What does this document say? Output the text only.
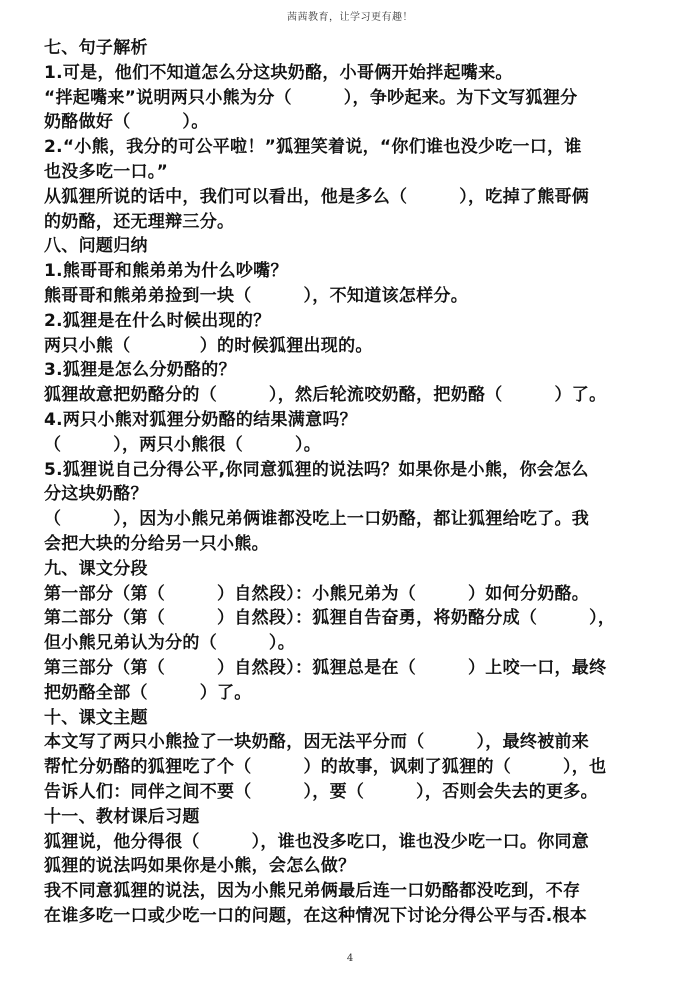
茜茜教育，让学习更有趣！
七、句子解析
1.可是，他们不知道怎么分这块奶酪，小哥俩开始拌起嘴来。
“拌起嘴来”说明两只小熊为分（　　　），争吵起来。为下文写狐狸分
奶酪做好（　　　）。
2.“小熊，我分的可公平啦！”狐狸笑着说，“你们谁也没少吃一口，谁
也没多吃一口。”
从狐狸所说的话中，我们可以看出，他是多么（　　　），吃掉了熊哥俩
的奶酪，还无理辩三分。
八、问题归纳
1.熊哥哥和熊弟弟为什么吵嘴？
熊哥哥和熊弟弟捡到一块（　　　），不知道该怎样分。
2.狐狸是在什么时候出现的？
两只小熊（　　　　）的时候狐狸出现的。
3.狐狸是怎么分奶酪的？
狐狸故意把奶酪分的（　　　），然后轮流咬奶酪，把奶酪（　　　）了。
4.两只小熊对狐狸分奶酪的结果满意吗？
（　　　），两只小熊很（　　　）。
5.狐狸说自己分得公平,你同意狐狸的说法吗？如果你是小熊，你会怎么
分这块奶酪？
（　　　），因为小熊兄弟俩谁都没吃上一口奶酪，都让狐狸给吃了。我
会把大块的分给另一只小熊。
九、课文分段
第一部分（第（　　　）自然段）：小熊兄弟为（　　　）如何分奶酪。
第二部分（第（　　　）自然段）：狐狸自告奋勇，将奶酪分成（　　　），
但小熊兄弟认为分的（　　　）。
第三部分（第（　　　）自然段）：狐狸总是在（　　　）上咬一口，最终
把奶酪全部（　　　）了。
十、课文主题
本文写了两只小熊捡了一块奶酪，因无法平分而（　　　），最终被前来
帮忙分奶酪的狐狸吃了个（　　　）的故事，讽刺了狐狸的（　　　），也
告诉人们：同伴之间不要（　　　），要（　　　），否则会失去的更多。
十一、教材课后习题
狐狸说，他分得很（　　　），谁也没多吃口，谁也没少吃一口。你同意
狐狸的说法吗如果你是小熊，会怎么做？
我不同意狐狸的说法，因为小熊兄弟俩最后连一口奶酪都没吃到，不存
在谁多吃一口或少吃一口的问题，在这种情况下讨论分得公平与否.根本
4
